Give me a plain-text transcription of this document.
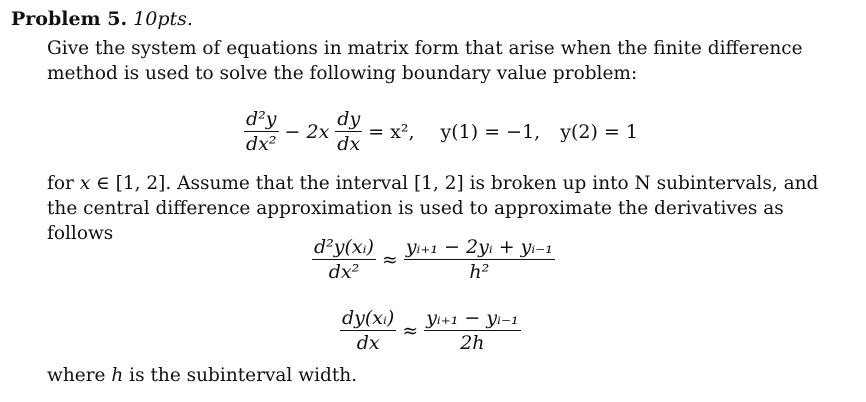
Problem 5. 10pts.
Give the system of equations in matrix form that arise when the finite difference method is used to solve the following boundary value problem:
$\frac{\text{d²y}}{\text{dx²}} - 2x \frac{dy}{dx} = x^2$,	y(1) = −1, y(2) = 1
for x ∈ [1, 2]. Assume that the interval [1, 2] is broken up into N subintervals, and the central difference approximation is used to approximate the derivatives as follows
$\frac{\text{d²y(xᵢ)}}{\text{dx²}} \approx \frac{\text{yᵢ₊₁ − 2yᵢ + yᵢ₋₁}}{\text{h²}}$
$\frac{\text{dy(xᵢ)}}{dx} \approx \frac{\text{yᵢ₊₁ − yᵢ₋₁}}{2h}$
where h is the subinterval width.
